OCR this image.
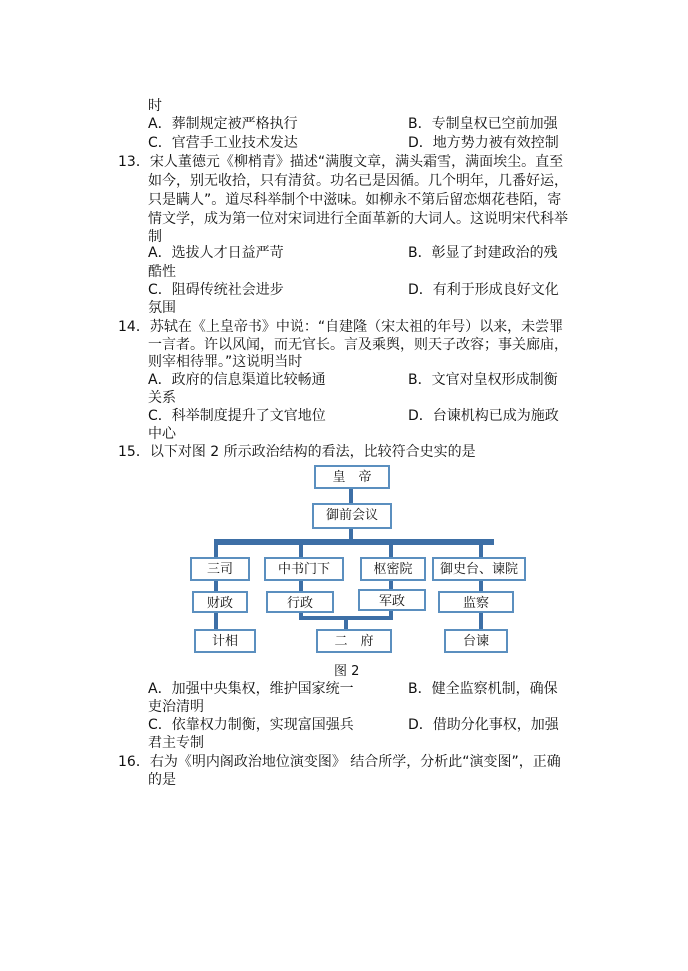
时
A．葬制规定被严格执行	B．专制皇权已空前加强
C．官营手工业技术发达	D．地方势力被有效控制
13．宋人董德元《柳梢青》描述“满腹文章，满头霜雪，满面埃尘。直至
如今，别无收拾，只有清贫。功名已是因循。几个明年，几番好运，
只是瞒人”。道尽科举制个中滋味。如柳永不第后留恋烟花巷陌，寄
情文学，成为第一位对宋词进行全面革新的大词人。这说明宋代科举
制
A．选拔人才日益严苛	B．彰显了封建政治的残
酷性
C．阻碍传统社会进步	D．有利于形成良好文化
氛围
14．苏轼在《上皇帝书》中说：“自建隆（宋太祖的年号）以来，未尝罪
一言者。许以风闻，而无官长。言及乘舆，则天子改容；事关廊庙，
则宰相待罪。”这说明当时
A．政府的信息渠道比较畅通	B．文官对皇权形成制衡
关系
C．科举制度提升了文官地位	D．台谏机构已成为施政
中心
15．以下对图 2 所示政治结构的看法，比较符合史实的是
皇　帝
御前会议
三司	中书门下	枢密院	御史台、谏院
财政	行政	军政	监察
计相	二　府	台谏
图 2
A．加强中央集权，维护国家统一	B．健全监察机制，确保
吏治清明
C．依靠权力制衡，实现富国强兵	D．借助分化事权，加强
君主专制
16．右为《明内阁政治地位演变图》 结合所学，分析此“演变图”，正确
的是
